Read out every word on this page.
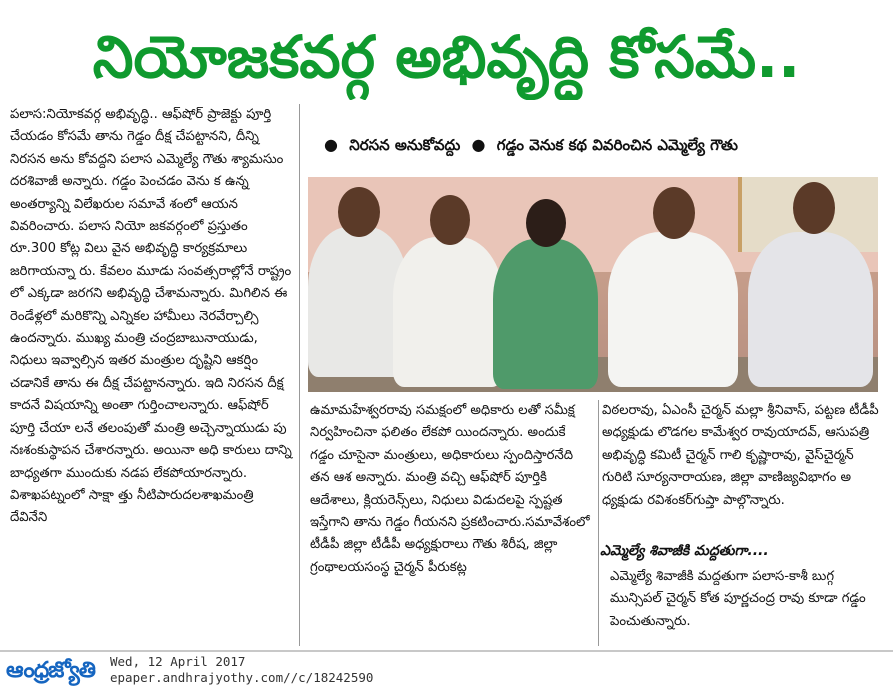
నియోజకవర్గ అభివృద్ధి కోసమే..

పలాస:నియోకవర్గ అభివృద్ధి.. ఆఫ్‌షోర్ ప్రాజెక్టు పూర్తి చేయడం కోసమే తాను గెడ్డం దీక్ష చేపట్టానని, దీన్ని నిరసన అను కోవద్దని పలాస ఎమ్మెల్యే గౌతు శ్యామసుం దరశివాజీ అన్నారు. గడ్డం పెంచడం వెను క ఉన్న అంతర్యాన్ని విలేఖరుల సమావే శంలో ఆయన వివరించారు. పలాస నియో జకవర్గంలో ప్రస్తుతం రూ.300 కోట్ల విలు వైన అభివృద్ధి కార్యక్రమాలు జరిగాయన్నా రు. కేవలం మూడు సంవత్సరాల్లోనే రాష్ట్రం లో ఎక్కడా జరగని అభివృద్ధి చేశామన్నారు. మిగిలిన ఈ రెండేళ్లలో మరికొన్ని ఎన్నికల హామీలు నెరవేర్చాల్సి ఉందన్నారు. ముఖ్య మంత్రి చంద్రబాబునాయుడు, నిధులు ఇవ్వాల్సిన ఇతర మంత్రుల దృష్టిని ఆకర్షిం చడానికే తాను ఈ దీక్ష చేపట్టానన్నారు. ఇది నిరసన దీక్ష కాదనే విషయాన్ని అంతా గుర్తించాలన్నారు. ఆఫ్‌షోర్ పూర్తి చేయా లనే తలంపుతో మంత్రి అచ్చెన్నాయుడు పు నఃశంకుస్థాపన చేశారన్నారు. అయినా అధి కారులు దాన్ని బాధ్యతగా ముందుకు నడప లేకపోయారన్నారు. విశాఖపట్నంలో సాక్షా త్తు నీటిపారుదలశాఖమంత్రి దేవినేని

● నిరసన అనుకోవద్దు ● గడ్డం వెనుక కథ వివరించిన ఎమ్మెల్యే గౌతు

ఉమామహేశ్వరరావు సమక్షంలో అధికారు లతో సమీక్ష నిర్వహించినా ఫలితం లేకపో యిందన్నారు. అందుకే గడ్డం చూసైనా మంత్రులు, అధికారులు స్పందిస్తారనేది తన ఆశ అన్నారు. మంత్రి వచ్చి ఆఫ్‌షోర్ పూర్తికి ఆదేశాలు, క్లియరెన్స్‌లు, నిధులు విడుదలపై స్పష్టత ఇస్తేగాని తాను గెడ్డం గీయనని ప్రకటించారు.సమావేశంలో టీడీపీ జిల్లా టీడీపీ అధ్యక్షురాలు గౌతు శిరీష, జిల్లా గ్రంథాలయసంస్థ చైర్మన్ పీరుకట్ల

విఠలరావు, ఏఎంసీ చైర్మన్ మల్లా శ్రీనివాస్, పట్టణ టీడీపీ అధ్యక్షుడు లొడగల కామేశ్వర రావుయాదవ్, ఆసుపత్రి అభివృద్ధి కమిటీ చైర్మన్ గాలి కృష్ణారావు, వైస్‌చైర్మన్ గురిటి సూర్యనారాయణ, జిల్లా వాణిజ్యవిభాగం అ ధ్యక్షుడు రవిశంకర్‌గుప్తా పాల్గొన్నారు.

ఎమ్మెల్యే శివాజీకి మద్దతుగా....
ఎమ్మెల్యే శివాజీకి మద్దతుగా పలాస-కాశీ బుగ్గ మున్సిపల్ చైర్మన్ కోత పూర్ణచంద్ర రావు కూడా గడ్డం పెంచుతున్నారు.
ఆంధ్రజ్యోతి	Wed, 12 April 2017
epaper.andhrajyothy.com//c/18242590
